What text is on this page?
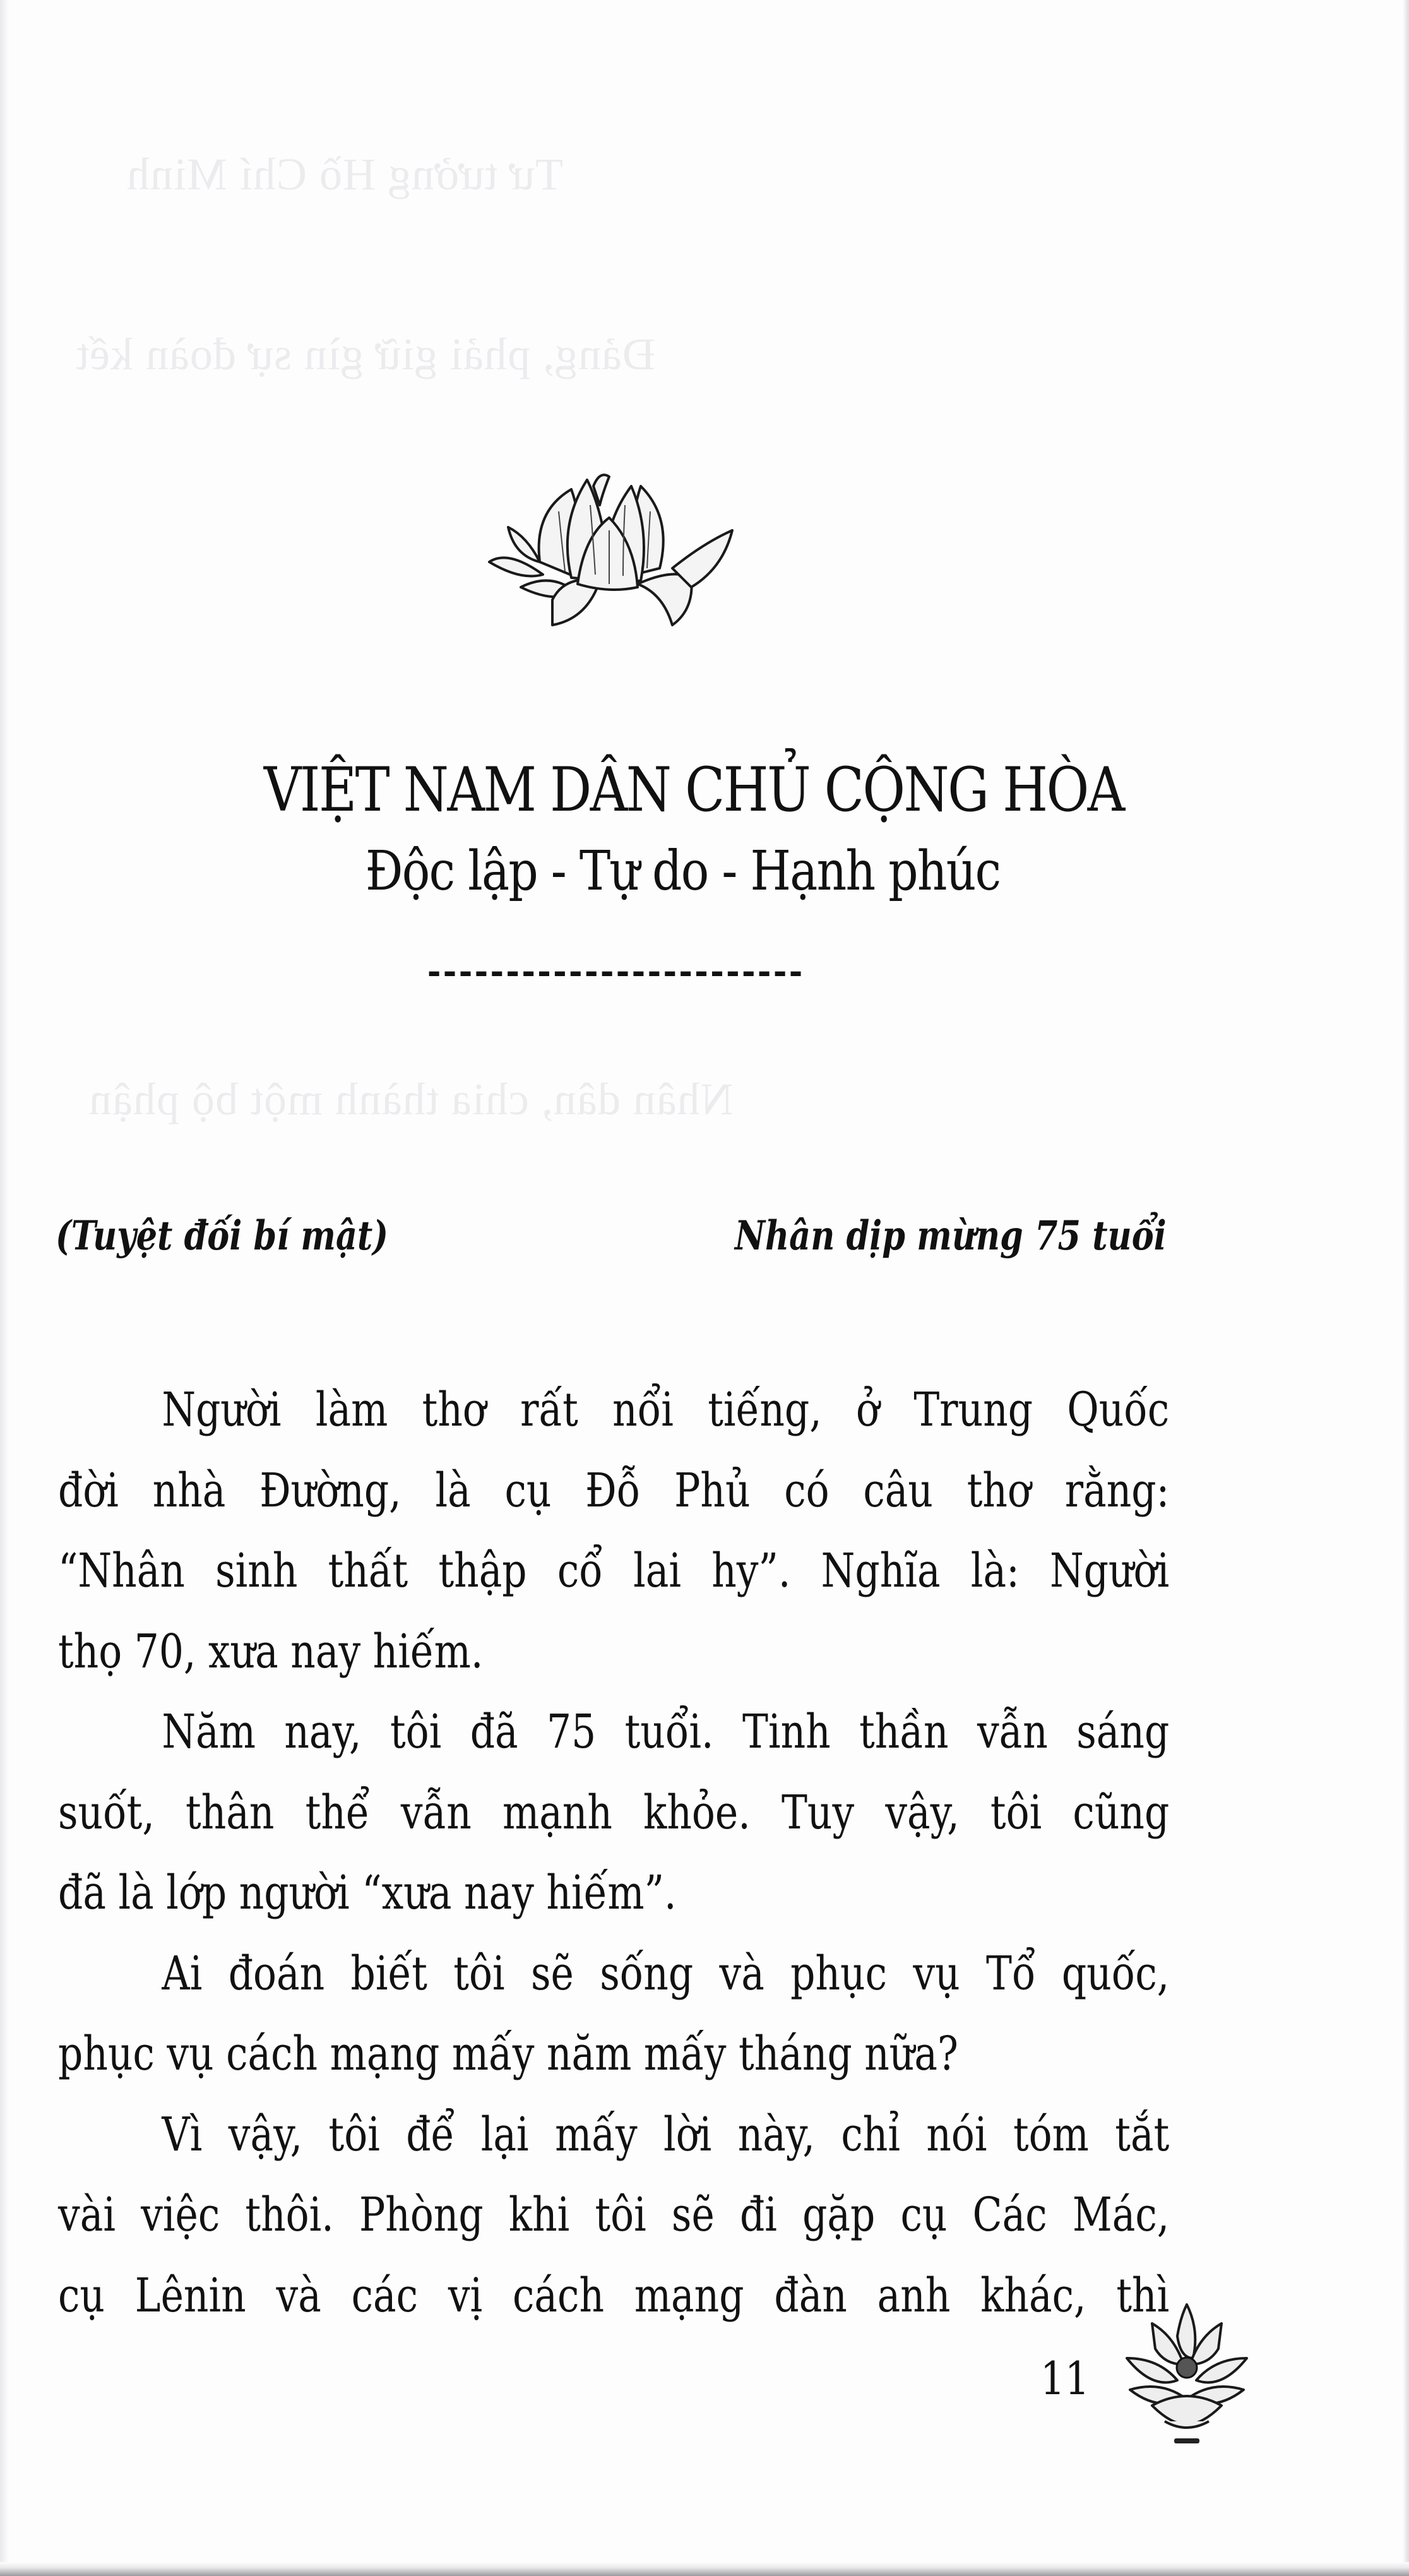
Tư tưởng Hồ Chí Minh
Đảng, phải giữ gìn sự đoàn kết
Nhân dân, chia thành một bộ phận
VIỆT NAM DÂN CHỦ CỘNG HÒA
Độc lập - Tự do - Hạnh phúc
------------------------
(Tuyệt đối bí mật)	Nhân dịp mừng 75 tuổi
Người làm thơ rất nổi tiếng, ở Trung Quốc
đời nhà Đường, là cụ Đỗ Phủ có câu thơ rằng:
“Nhân sinh thất thập cổ lai hy”. Nghĩa là: Người
thọ 70, xưa nay hiếm.
Năm nay, tôi đã 75 tuổi. Tinh thần vẫn sáng
suốt, thân thể vẫn mạnh khỏe. Tuy vậy, tôi cũng
đã là lớp người “xưa nay hiếm”.
Ai đoán biết tôi sẽ sống và phục vụ Tổ quốc,
phục vụ cách mạng mấy năm mấy tháng nữa?
Vì vậy, tôi để lại mấy lời này, chỉ nói tóm tắt
vài việc thôi. Phòng khi tôi sẽ đi gặp cụ Các Mác,
cụ Lênin và các vị cách mạng đàn anh khác, thì
11
